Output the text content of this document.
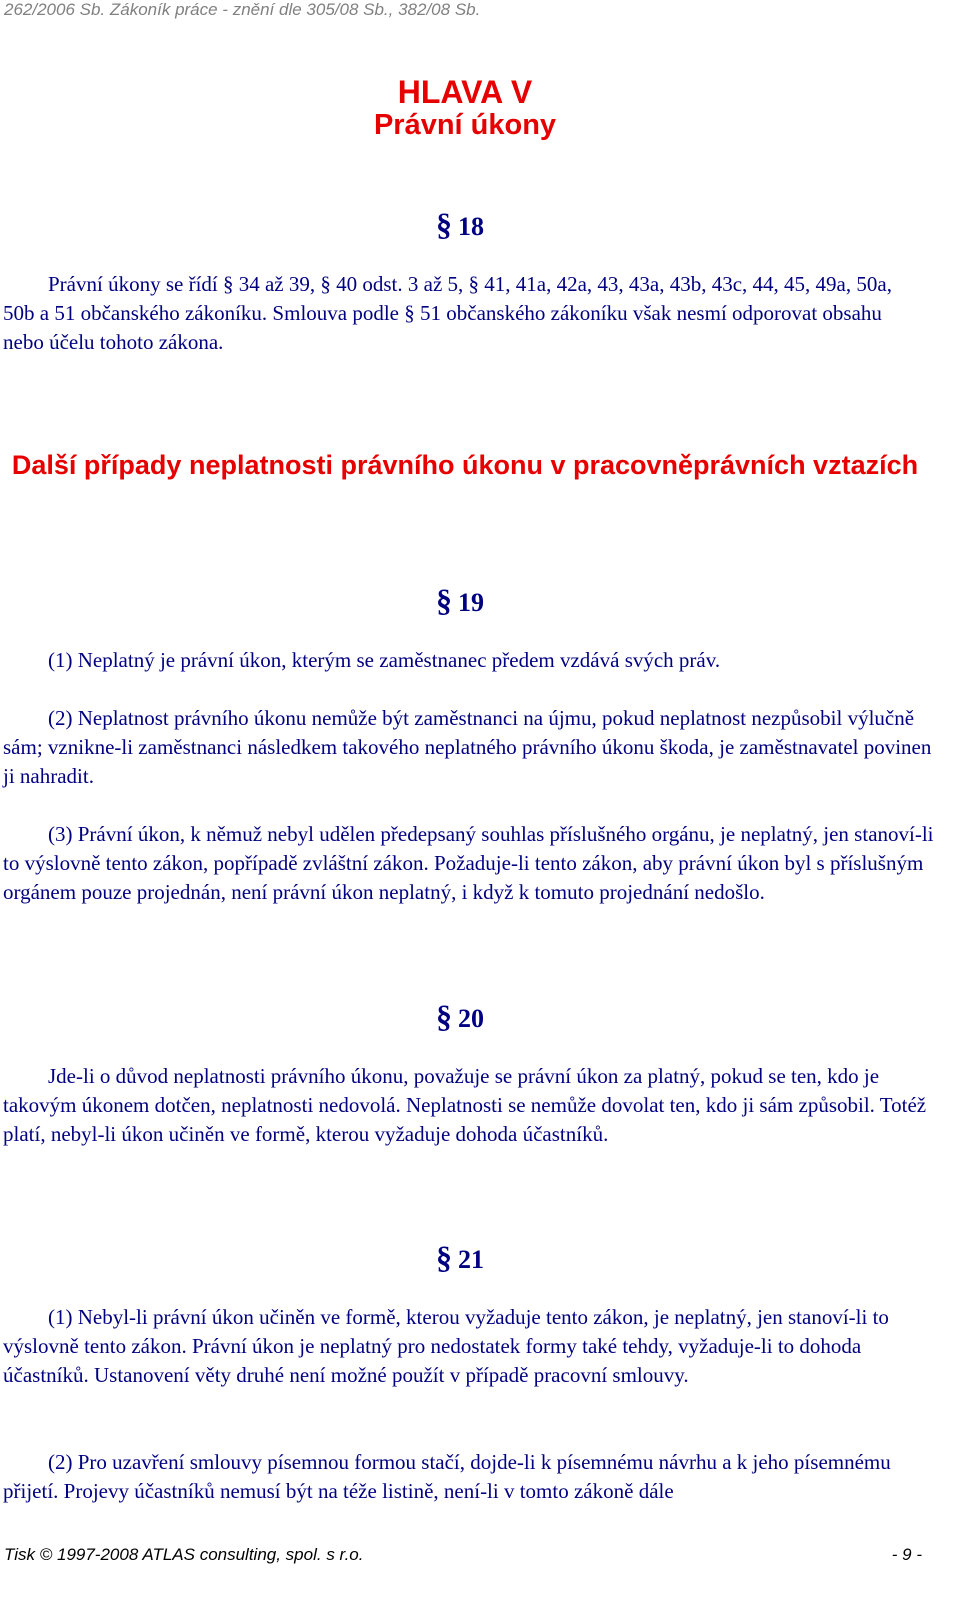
262/2006 Sb. Zákoník práce - znění dle 305/08 Sb., 382/08 Sb.
HLAVA V
Právní úkony
§ 18
Právní úkony se řídí § 34 až 39, § 40 odst. 3 až 5, § 41, 41a, 42a, 43, 43a, 43b, 43c, 44, 45, 49a, 50a, 50b a 51 občanského zákoníku. Smlouva podle § 51 občanského zákoníku však nesmí odporovat obsahu nebo účelu tohoto zákona.
Další případy neplatnosti právního úkonu v pracovněprávních vztazích
§ 19
(1) Neplatný je právní úkon, kterým se zaměstnanec předem vzdává svých práv.
(2) Neplatnost právního úkonu nemůže být zaměstnanci na újmu, pokud neplatnost nezpůsobil výlučně sám; vznikne-li zaměstnanci následkem takového neplatného právního úkonu škoda, je zaměstnavatel povinen ji nahradit.
(3) Právní úkon, k němuž nebyl udělen předepsaný souhlas příslušného orgánu, je neplatný, jen stanoví-li to výslovně tento zákon, popřípadě zvláštní zákon. Požaduje-li tento zákon, aby právní úkon byl s příslušným orgánem pouze projednán, není právní úkon neplatný, i když k tomuto projednání nedošlo.
§ 20
Jde-li o důvod neplatnosti právního úkonu, považuje se právní úkon za platný, pokud se ten, kdo je takovým úkonem dotčen, neplatnosti nedovolá. Neplatnosti se nemůže dovolat ten, kdo ji sám způsobil. Totéž platí, nebyl-li úkon učiněn ve formě, kterou vyžaduje dohoda účastníků.
§ 21
(1) Nebyl-li právní úkon učiněn ve formě, kterou vyžaduje tento zákon, je neplatný, jen stanoví-li to výslovně tento zákon. Právní úkon je neplatný pro nedostatek formy také tehdy, vyžaduje-li to dohoda účastníků. Ustanovení věty druhé není možné použít v případě pracovní smlouvy.
(2) Pro uzavření smlouvy písemnou formou stačí, dojde-li k písemnému návrhu a k jeho písemnému přijetí. Projevy účastníků nemusí být na téže listině, není-li v tomto zákoně dále
Tisk © 1997-2008 ATLAS consulting, spol. s r.o.	- 9 -
